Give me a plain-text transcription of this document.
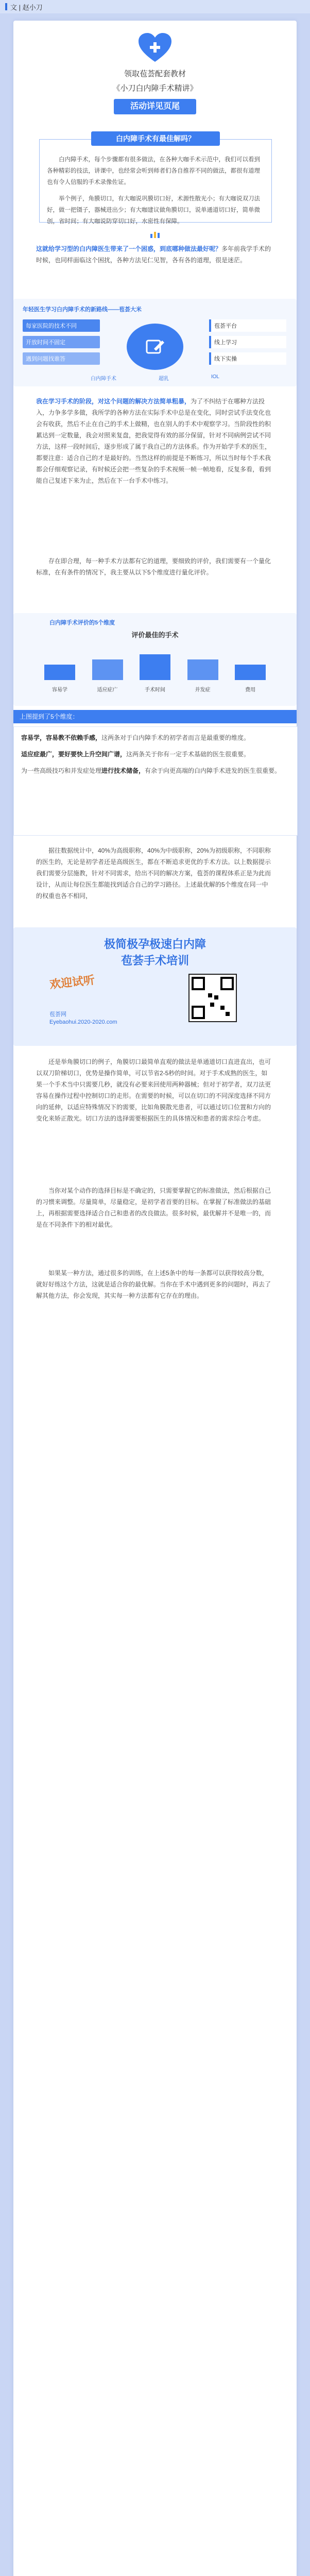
文 | 赵小刀
领取苞荟配套教材
《小刀白内障手术精讲》
活动详见页尾
白内障手术有最佳解吗？
白内障手术，每个步骤都有很多做法，在各种大咖手术示范中，我们可以看到各种精彩的技法，讲课中，也经常会听到师者们各自推荐不同的做法，都很有道理也有令人信服的手术录像佐证。
举个例子，角膜切口，有大咖说巩膜切口好，术源性散光小；有大咖说双刀法好，做一把镊子，器械进出少；有大咖建议做角膜切口，说单通道切口好，简单微创，省时间；有大咖说防穿切口好，水密性有保障。
这就给学习型的白内障医生带来了一个困惑，到底哪种做法最好呢？多年前我学手术的时候，也同样面临这个困扰，各种方法见仁见智，各有各的道理，很是迷茫。
年轻医生学习白内障手术的新路线——苞荟大米
每家医院的技术不同
开放时间不固定
遇到问题找谁答
苞荟平台
线上学习
线下实操
白内障手术	超乳	IOL
我在学习手术的阶段，对这个问题的解决方法简单粗暴，为了不纠结于在哪种方法投入，力争多学多做，我所学的各种方法在实际手术中总是在变化，同时尝试手法变化也会有收获，然后不止在自己的手术上做精，也在别人的手术中观察学习。当阶段性的积累达到一定数量，我会对照来复盘，把我觉得有效的部分保留，针对不同病例尝试不同方法，这样一段时间后，逐步形成了属于我自己的方法体系。作为开始学手术的医生，都要注意：适合自己的才是最好的。当然这样的前提是不断练习，所以当时每个手术我都会仔细观察记录，有时候还会把一些复杂的手术视频一帧一帧地看，反复多看，看到能自己复述下来为止，然后在下一台手术中练习。
存在即合理，每一种手术方法都有它的道理，要细致的评价，我们需要有一个量化标准，在有条件的情况下，我主要从以下5个维度进行量化评价。
白内障手术评价的5个维度
评价最佳的手术
容易学	适应症广	手术时间	并发症	费用
据往数据统计中，40%为高级职称，40%为中级职称，20%为初级职称，不同职称的医生的，无论是初学者还是高级医生，都在不断追求更优的手术方法。以上数据提示我们需要分层施教，针对不同需求，给出不同的解决方案，苞荟的课程体系正是为此而设计，从而让每位医生都能找到适合自己的学习路径。上述最优解的5个维度在同一中的权重也各不相同，
极简极孕极速白内障
苞荟手术培训
欢迎试听
苞荟网
Eyebaohui.2020-2020.com
还是举角膜切口的例子，角膜切口最简单直观的做法是单通道切口直进直出，也可以双刀阶梯切口，优势是操作简单，可以节省2-5秒的时间。对于手术成熟的医生，如果一个手术当中只需要几秒，就没有必要来回使用两种器械；但对于初学者，双刀法更容易在操作过程中控制切口的走形。在需要的时候，可以在切口的不同深度选择不同方向的延伸，以适应特殊情况下的需要，比如角膜散光患者，可以通过切口位置和方向的变化来矫正散光。切口方法的选择需要根据医生的具体情况和患者的需求综合考虑。
当你对某个动作的选择目标是不确定的，只需要掌握它的标准做法，然后根据自己的习惯来调整。尽量简单，尽量稳定，是初学者首要的目标。在掌握了标准做法的基础上，再根据需要选择适合自己和患者的改良做法。很多时候，最优解并不是唯一的，而是在不同条件下的相对最优。
如果某一种方法，通过很多的训练，在上述5条中的每一条都可以获得较高分数，就好好练这个方法，这就是适合你的最优解。当你在手术中遇到更多的问题时，再去了解其他方法，你会发现，其实每一种方法都有它存在的理由。
上图提到了5个维度：
容易学，容易教不依赖手感，这两条对于白内障手术的初学者而言是最重要的维度。
适应症最广，要好要快上升空间广谱，这两条关于你有一定手术基础的医生很重要。
为一些高级技巧和并发症处理进行技术储备，有余于向更高端的白内障手术进发的医生很重要。
